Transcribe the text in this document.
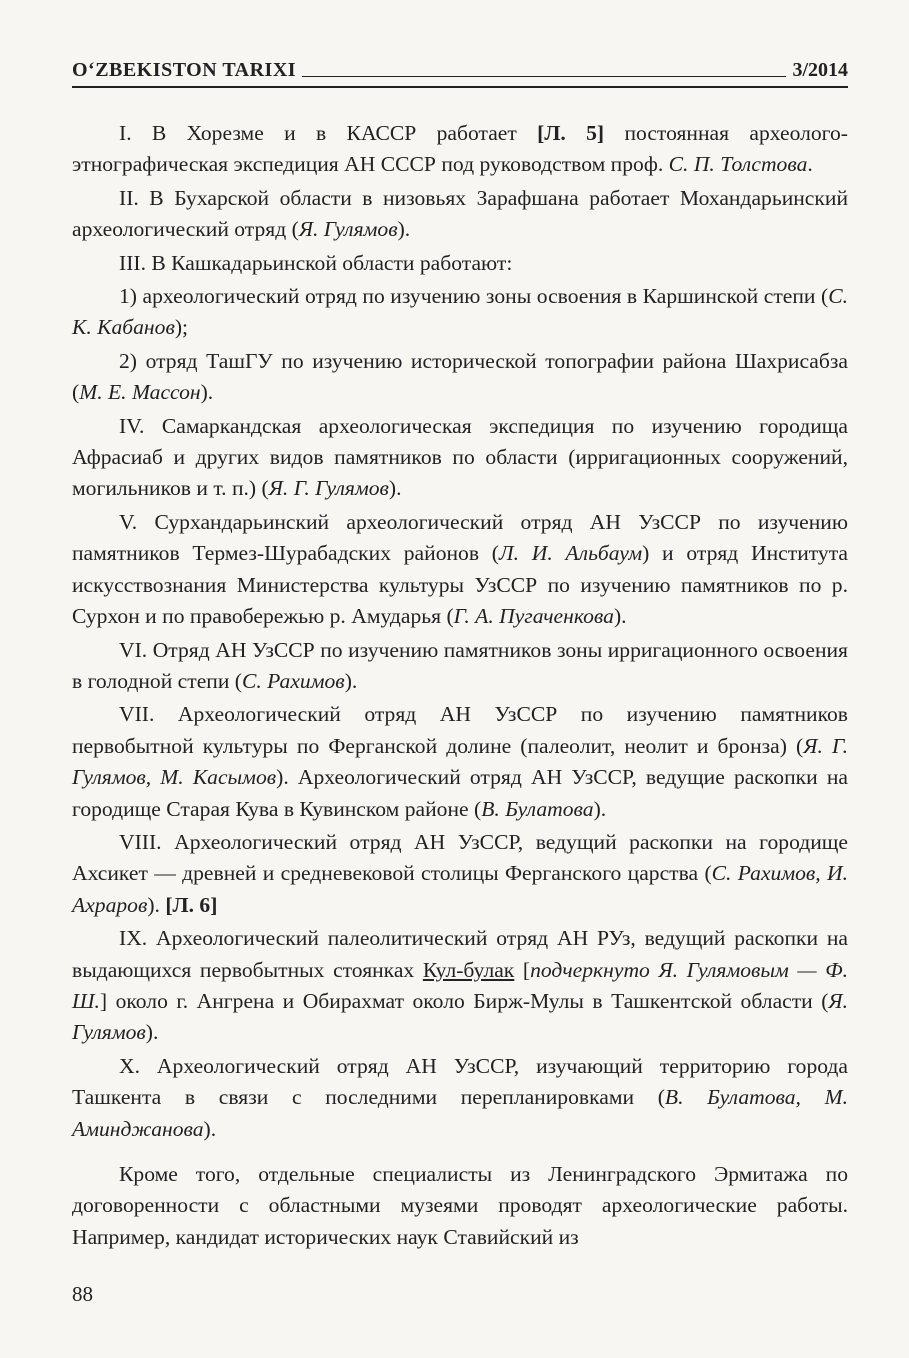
O‘ZBEKISTON TARIXI	3/2014

I. В Хорезме и в КАССР работает [Л. 5] постоянная археолого-этнографическая экспедиция АН СССР под руководством проф. С. П. Толстова.

II. В Бухарской области в низовьях Зарафшана работает Мохандарьинский археологический отряд (Я. Гулямов).

III. В Кашкадарьинской области работают:

1) археологический отряд по изучению зоны освоения в Каршинской степи (С. К. Кабанов);

2) отряд ТашГУ по изучению исторической топографии района Шахрисабза (М. Е. Массон).

IV. Самаркандская археологическая экспедиция по изучению городища Афрасиаб и других видов памятников по области (ирригационных сооружений, могильников и т. п.) (Я. Г. Гулямов).

V. Сурхандарьинский археологический отряд АН УзССР по изучению памятников Термез-Шурабадских районов (Л. И. Альбаум) и отряд Института искусствознания Министерства культуры УзССР по изучению памятников по р. Сурхон и по правобережью р. Амударья (Г. А. Пугаченкова).

VI. Отряд АН УзССР по изучению памятников зоны ирригационного освоения в голодной степи (С. Рахимов).

VII. Археологический отряд АН УзССР по изучению памятников первобытной культуры по Ферганской долине (палеолит, неолит и бронза) (Я. Г. Гулямов, М. Касымов). Археологический отряд АН УзССР, ведущие раскопки на городище Старая Кува в Кувинском районе (В. Булатова).

VIII. Археологический отряд АН УзССР, ведущий раскопки на городище Ахсикет — древней и средневековой столицы Ферганского царства (С. Рахимов, И. Ахраров). [Л. 6]

IX. Археологический палеолитический отряд АН РУз, ведущий раскопки на выдающихся первобытных стоянках Кул-булак [подчеркнуто Я. Гулямовым — Ф. Ш.] около г. Ангрена и Обирахмат около Бирж-Мулы в Ташкентской области (Я. Гулямов).

X. Археологический отряд АН УзССР, изучающий территорию города Ташкента в связи с последними перепланировками (В. Булатова, М. Аминджанова).

Кроме того, отдельные специалисты из Ленинградского Эрмитажа по договоренности с областными музеями проводят археологические работы. Например, кандидат исторических наук Ставийский из

88
